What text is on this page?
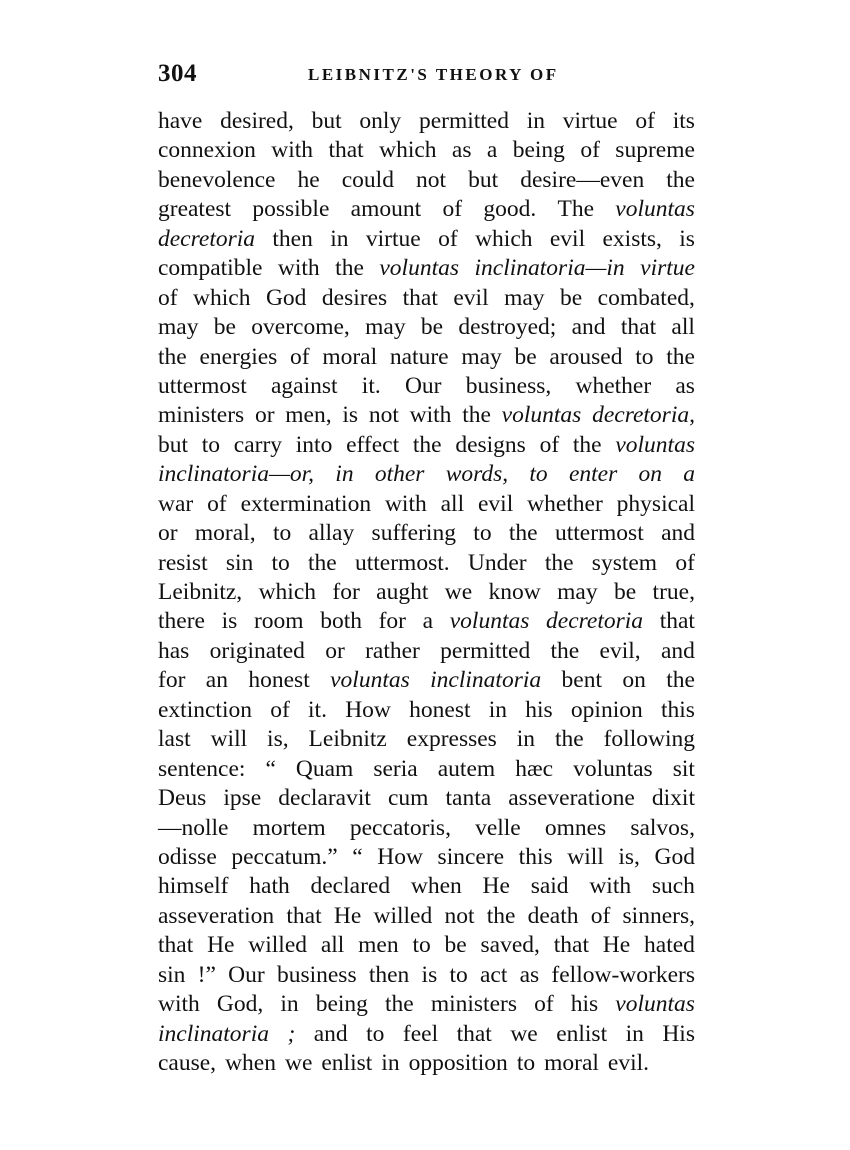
304	LEIBNITZ'S THEORY OF
have desired, but only permitted in virtue of its
connexion with that which as a being of supreme
benevolence he could not but desire—even the
greatest possible amount of good. The voluntas
decretoria then in virtue of which evil exists, is
compatible with the voluntas inclinatoria—in virtue
of which God desires that evil may be combated,
may be overcome, may be destroyed; and that all
the energies of moral nature may be aroused to the
uttermost against it. Our business, whether as
ministers or men, is not with the voluntas decretoria,
but to carry into effect the designs of the voluntas
inclinatoria—or, in other words, to enter on a
war of extermination with all evil whether physical
or moral, to allay suffering to the uttermost and
resist sin to the uttermost. Under the system of
Leibnitz, which for aught we know may be true,
there is room both for a voluntas decretoria that
has originated or rather permitted the evil, and
for an honest voluntas inclinatoria bent on the
extinction of it. How honest in his opinion this
last will is, Leibnitz expresses in the following
sentence: “ Quam seria autem hæc voluntas sit
Deus ipse declaravit cum tanta asseveratione dixit
—nolle mortem peccatoris, velle omnes salvos,
odisse peccatum.” “ How sincere this will is, God
himself hath declared when He said with such
asseveration that He willed not the death of sinners,
that He willed all men to be saved, that He hated
sin !” Our business then is to act as fellow-workers
with God, in being the ministers of his voluntas
inclinatoria ; and to feel that we enlist in His
cause, when we enlist in opposition to moral evil.
